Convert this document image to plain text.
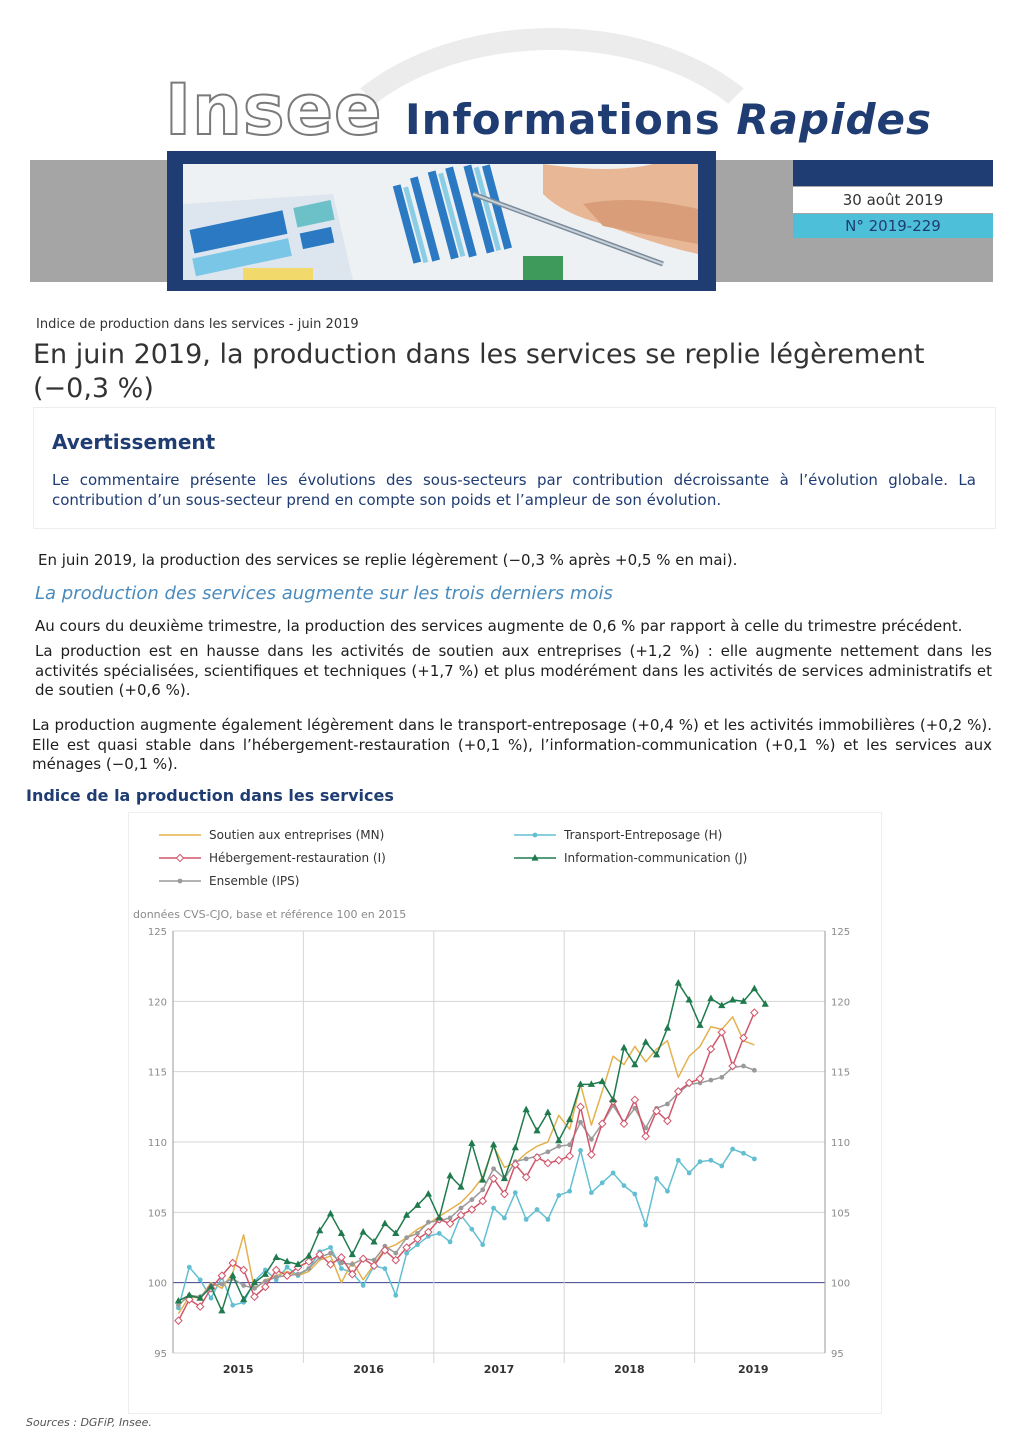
Insee Informations Rapides
30 août 2019
N° 2019-229
Indice de production dans les services - juin 2019
En juin 2019, la production dans les services se replie légèrement (−0,3 %)
Avertissement
Le commentaire présente les évolutions des sous-secteurs par contribution décroissante à l’évolution globale. La contribution d’un sous-secteur prend en compte son poids et l’ampleur de son évolution.
En juin 2019, la production des services se replie légèrement (−0,3 % après +0,5 % en mai).
La production des services augmente sur les trois derniers mois
Au cours du deuxième trimestre, la production des services augmente de 0,6 % par rapport à celle du trimestre précédent.
La production est en hausse dans les activités de soutien aux entreprises (+1,2 %) : elle augmente nettement dans les activités spécialisées, scientifiques et techniques (+1,7 %) et plus modérément dans les activités de services administratifs et de soutien (+0,6 %).
La production augmente également légèrement dans le transport-entreposage (+0,4 %) et les activités immobilières (+0,2 %). Elle est quasi stable dans l’hébergement-restauration (+0,1 %), l’information-communication (+0,1 %) et les services aux ménages (−0,1 %).
Indice de la production dans les services
Soutien aux entreprises (MN)
Hébergement-restauration (I)
Ensemble (IPS)
Transport-Entreposage (H)
Information-communication (J)
données CVS-CJO, base et référence 100 en 2015
95	95
100	100
105	105
110	110
115	115
120	120
125	125
2015	2016	2017	2018	2019
Sources : DGFiP, Insee.
